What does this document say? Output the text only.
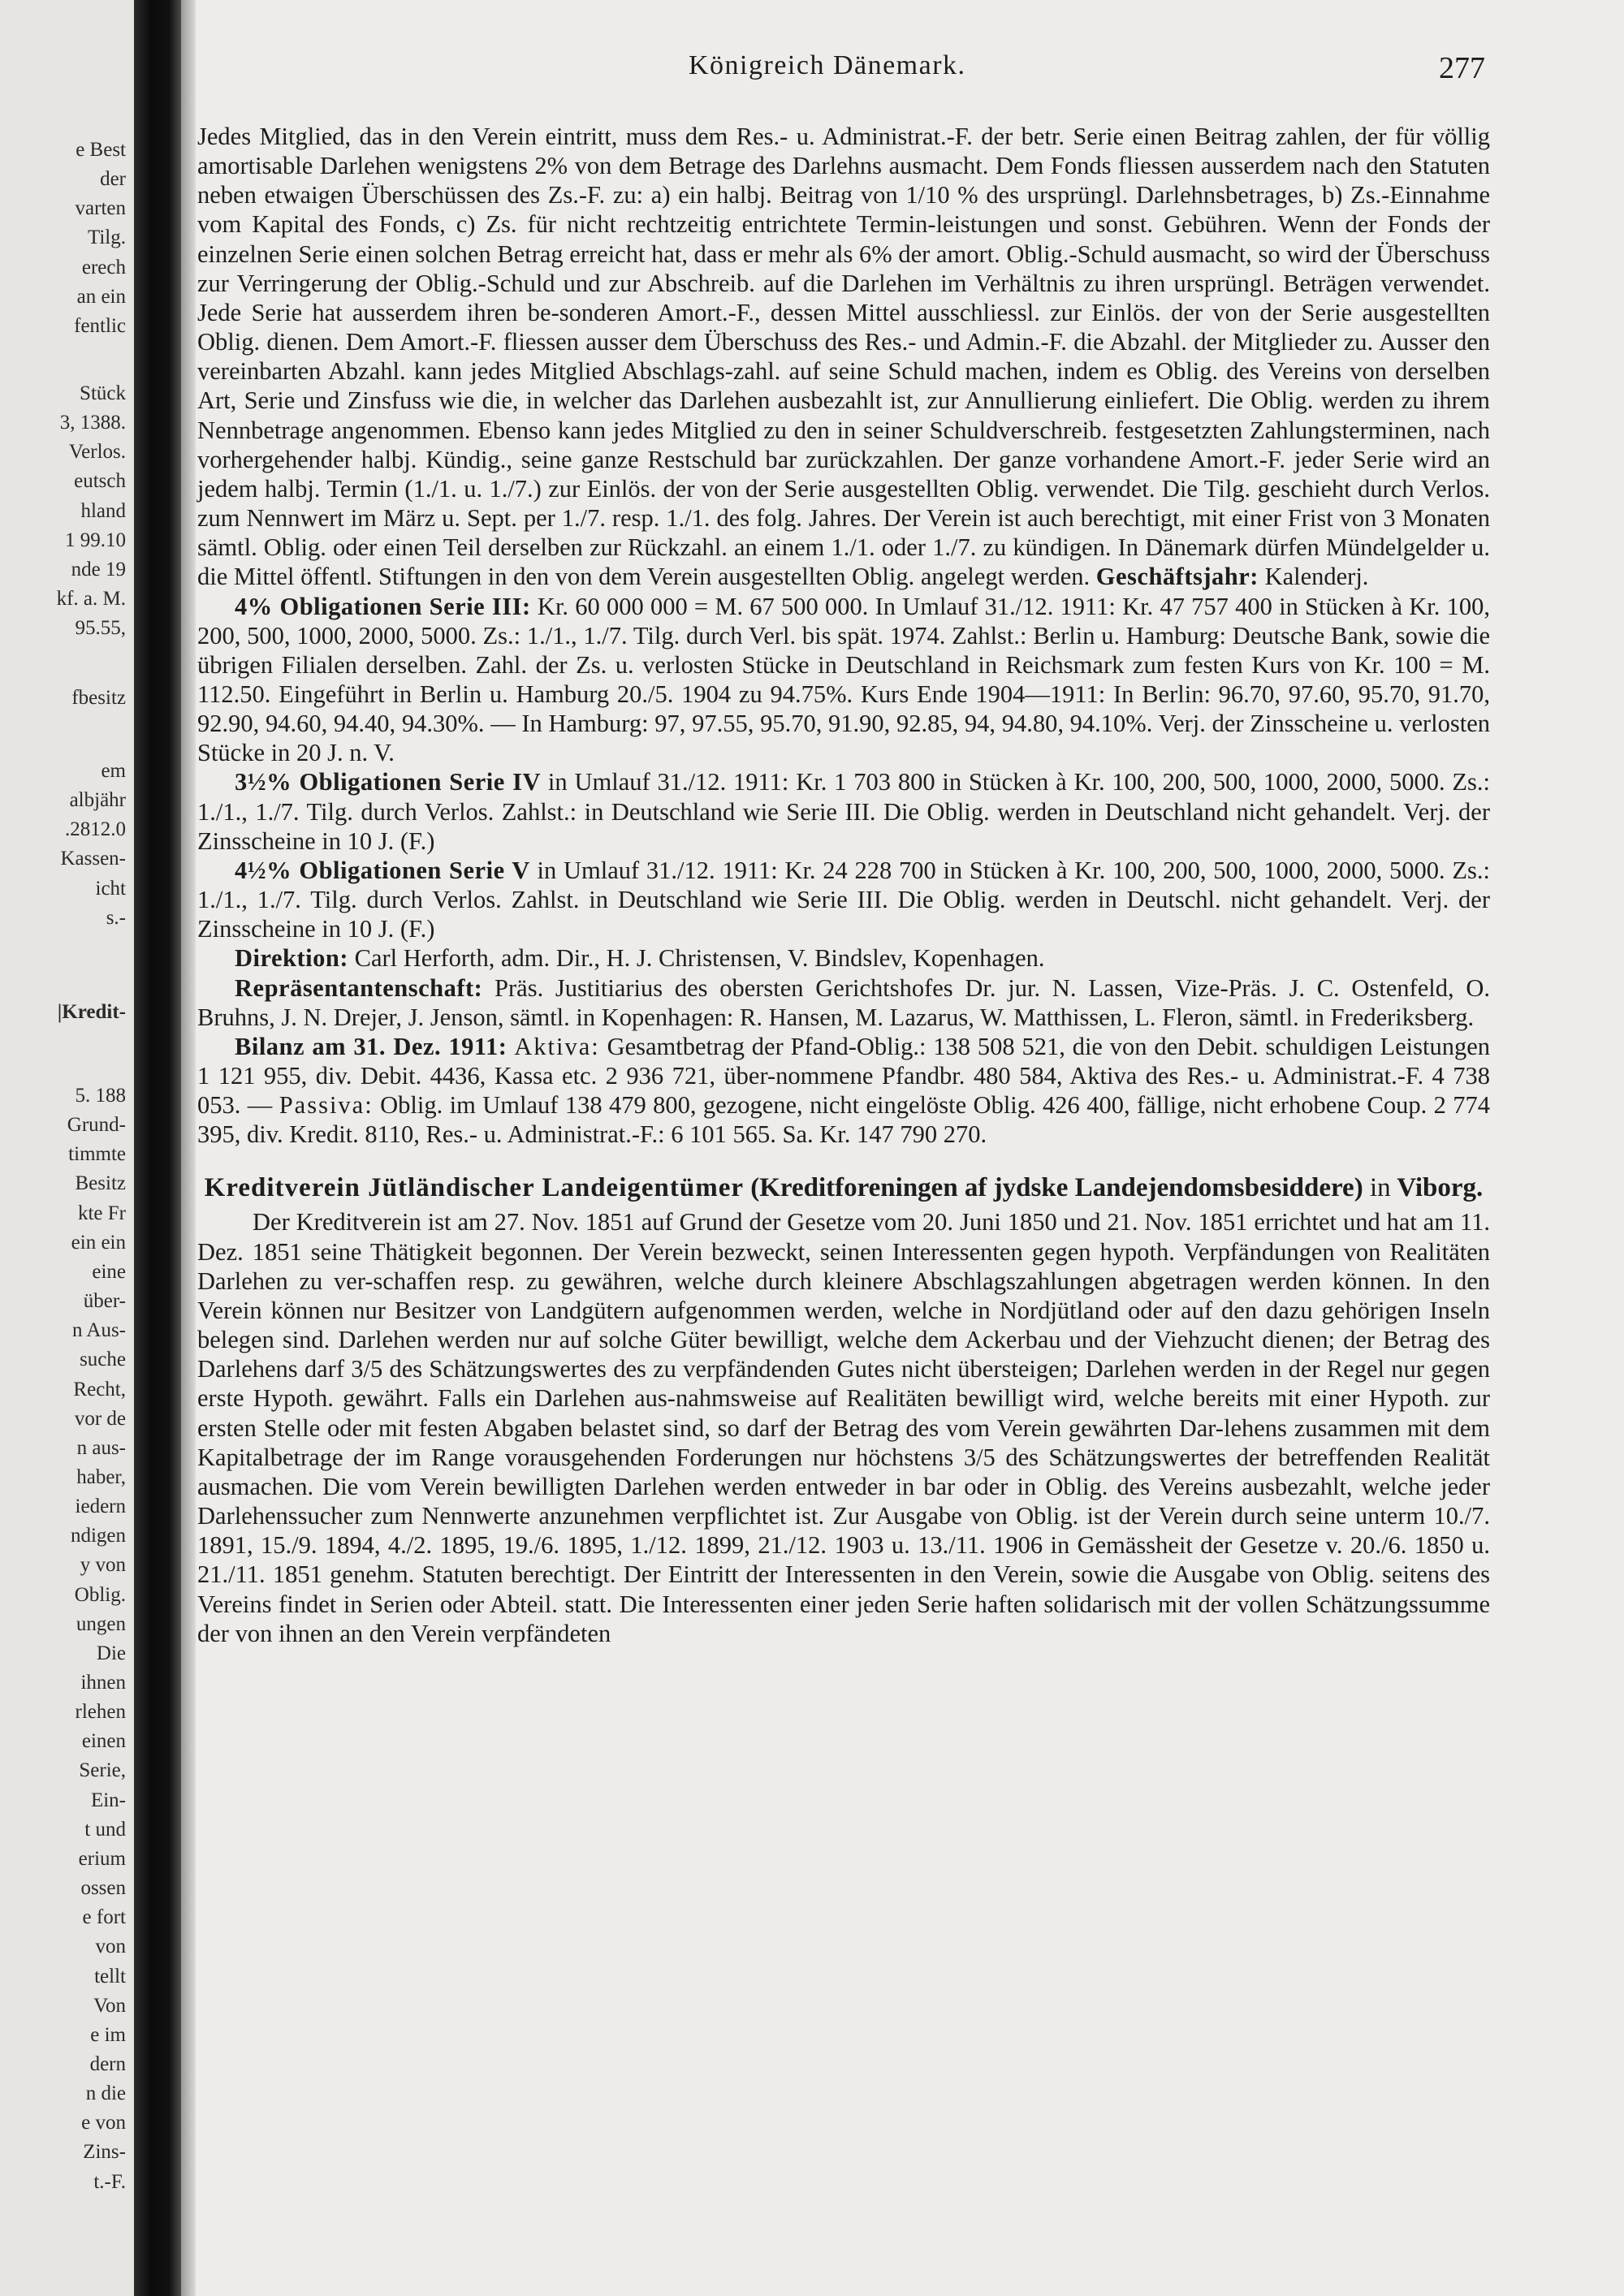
e Best
der
varten
Tilg.
erech
an ein
fentlic
Stück
3, 1388.
Verlos.
eutsch
hland
1 99.10
nde 19
kf. a. M.
95.55,
fbesitz
em
albjähr
.2812.0
Kassen-
icht
s.-
|Kredit-
5. 188
Grund-
timmte
Besitz
kte Fr
ein ein
eine
über-
n Aus-
suche
Recht,
vor de
n aus-
haber,
iedern
ndigen
y von
Oblig.
ungen
Die
ihnen
rlehen
einen
Serie,
Ein-
t und
erium
ossen
e fort
von
tellt
Von
e im
dern
n die
e von
Zins-
t.-F.
Königreich Dänemark.	277

Jedes Mitglied, das in den Verein eintritt, muss dem Res.- u. Administrat.-F. der betr. Serie einen Beitrag zahlen, der für völlig amortisable Darlehen wenigstens 2% von dem Betrage des Darlehns ausmacht. Dem Fonds fliessen ausserdem nach den Statuten neben etwaigen Überschüssen des Zs.-F. zu: a) ein halbj. Beitrag von 1/10 % des ursprüngl. Darlehnsbetrages, b) Zs.-Einnahme vom Kapital des Fonds, c) Zs. für nicht rechtzeitig entrichtete Termin-leistungen und sonst. Gebühren. Wenn der Fonds der einzelnen Serie einen solchen Betrag erreicht hat, dass er mehr als 6% der amort. Oblig.-Schuld ausmacht, so wird der Überschuss zur Verringerung der Oblig.-Schuld und zur Abschreib. auf die Darlehen im Verhältnis zu ihren ursprüngl. Beträgen verwendet. Jede Serie hat ausserdem ihren be-sonderen Amort.-F., dessen Mittel ausschliessl. zur Einlös. der von der Serie ausgestellten Oblig. dienen. Dem Amort.-F. fliessen ausser dem Überschuss des Res.- und Admin.-F. die Abzahl. der Mitglieder zu. Ausser den vereinbarten Abzahl. kann jedes Mitglied Abschlags-zahl. auf seine Schuld machen, indem es Oblig. des Vereins von derselben Art, Serie und Zinsfuss wie die, in welcher das Darlehen ausbezahlt ist, zur Annullierung einliefert. Die Oblig. werden zu ihrem Nennbetrage angenommen. Ebenso kann jedes Mitglied zu den in seiner Schuldverschreib. festgesetzten Zahlungsterminen, nach vorhergehender halbj. Kündig., seine ganze Restschuld bar zurückzahlen. Der ganze vorhandene Amort.-F. jeder Serie wird an jedem halbj. Termin (1./1. u. 1./7.) zur Einlös. der von der Serie ausgestellten Oblig. verwendet. Die Tilg. geschieht durch Verlos. zum Nennwert im März u. Sept. per 1./7. resp. 1./1. des folg. Jahres. Der Verein ist auch berechtigt, mit einer Frist von 3 Monaten sämtl. Oblig. oder einen Teil derselben zur Rückzahl. an einem 1./1. oder 1./7. zu kündigen. In Dänemark dürfen Mündelgelder u. die Mittel öffentl. Stiftungen in den von dem Verein ausgestellten Oblig. angelegt werden. Geschäftsjahr: Kalenderj.

4% Obligationen Serie III: Kr. 60 000 000 = M. 67 500 000. In Umlauf 31./12. 1911: Kr. 47 757 400 in Stücken à Kr. 100, 200, 500, 1000, 2000, 5000. Zs.: 1./1., 1./7. Tilg. durch Verl. bis spät. 1974. Zahlst.: Berlin u. Hamburg: Deutsche Bank, sowie die übrigen Filialen derselben. Zahl. der Zs. u. verlosten Stücke in Deutschland in Reichsmark zum festen Kurs von Kr. 100 = M. 112.50. Eingeführt in Berlin u. Hamburg 20./5. 1904 zu 94.75%. Kurs Ende 1904—1911: In Berlin: 96.70, 97.60, 95.70, 91.70, 92.90, 94.60, 94.40, 94.30%. — In Hamburg: 97, 97.55, 95.70, 91.90, 92.85, 94, 94.80, 94.10%. Verj. der Zinsscheine u. verlosten Stücke in 20 J. n. V.

3½% Obligationen Serie IV in Umlauf 31./12. 1911: Kr. 1 703 800 in Stücken à Kr. 100, 200, 500, 1000, 2000, 5000. Zs.: 1./1., 1./7. Tilg. durch Verlos. Zahlst.: in Deutschland wie Serie III. Die Oblig. werden in Deutschland nicht gehandelt. Verj. der Zinsscheine in 10 J. (F.)

4½% Obligationen Serie V in Umlauf 31./12. 1911: Kr. 24 228 700 in Stücken à Kr. 100, 200, 500, 1000, 2000, 5000. Zs.: 1./1., 1./7. Tilg. durch Verlos. Zahlst. in Deutschland wie Serie III. Die Oblig. werden in Deutschl. nicht gehandelt. Verj. der Zinsscheine in 10 J. (F.)

Direktion: Carl Herforth, adm. Dir., H. J. Christensen, V. Bindslev, Kopenhagen.

Repräsentantenschaft: Präs. Justitiarius des obersten Gerichtshofes Dr. jur. N. Lassen, Vize-Präs. J. C. Ostenfeld, O. Bruhns, J. N. Drejer, J. Jenson, sämtl. in Kopenhagen: R. Hansen, M. Lazarus, W. Matthissen, L. Fleron, sämtl. in Frederiksberg.

Bilanz am 31. Dez. 1911: Aktiva: Gesamtbetrag der Pfand-Oblig.: 138 508 521, die von den Debit. schuldigen Leistungen 1 121 955, div. Debit. 4436, Kassa etc. 2 936 721, über-nommene Pfandbr. 480 584, Aktiva des Res.- u. Administrat.-F. 4 738 053. — Passiva: Oblig. im Umlauf 138 479 800, gezogene, nicht eingelöste Oblig. 426 400, fällige, nicht erhobene Coup. 2 774 395, div. Kredit. 8110, Res.- u. Administrat.-F.: 6 101 565. Sa. Kr. 147 790 270.

Kreditverein Jütländischer Landeigentümer (Kreditforeningen af jydske Landejendomsbesiddere) in Viborg.

Der Kreditverein ist am 27. Nov. 1851 auf Grund der Gesetze vom 20. Juni 1850 und 21. Nov. 1851 errichtet und hat am 11. Dez. 1851 seine Thätigkeit begonnen. Der Verein bezweckt, seinen Interessenten gegen hypoth. Verpfändungen von Realitäten Darlehen zu ver-schaffen resp. zu gewähren, welche durch kleinere Abschlagszahlungen abgetragen werden können. In den Verein können nur Besitzer von Landgütern aufgenommen werden, welche in Nordjütland oder auf den dazu gehörigen Inseln belegen sind. Darlehen werden nur auf solche Güter bewilligt, welche dem Ackerbau und der Viehzucht dienen; der Betrag des Darlehens darf 3/5 des Schätzungswertes des zu verpfändenden Gutes nicht übersteigen; Darlehen werden in der Regel nur gegen erste Hypoth. gewährt. Falls ein Darlehen aus-nahmsweise auf Realitäten bewilligt wird, welche bereits mit einer Hypoth. zur ersten Stelle oder mit festen Abgaben belastet sind, so darf der Betrag des vom Verein gewährten Dar-lehens zusammen mit dem Kapitalbetrage der im Range vorausgehenden Forderungen nur höchstens 3/5 des Schätzungswertes der betreffenden Realität ausmachen. Die vom Verein bewilligten Darlehen werden entweder in bar oder in Oblig. des Vereins ausbezahlt, welche jeder Darlehenssucher zum Nennwerte anzunehmen verpflichtet ist. Zur Ausgabe von Oblig. ist der Verein durch seine unterm 10./7. 1891, 15./9. 1894, 4./2. 1895, 19./6. 1895, 1./12. 1899, 21./12. 1903 u. 13./11. 1906 in Gemässheit der Gesetze v. 20./6. 1850 u. 21./11. 1851 genehm. Statuten berechtigt. Der Eintritt der Interessenten in den Verein, sowie die Ausgabe von Oblig. seitens des Vereins findet in Serien oder Abteil. statt. Die Interessenten einer jeden Serie haften solidarisch mit der vollen Schätzungssumme der von ihnen an den Verein verpfändeten
